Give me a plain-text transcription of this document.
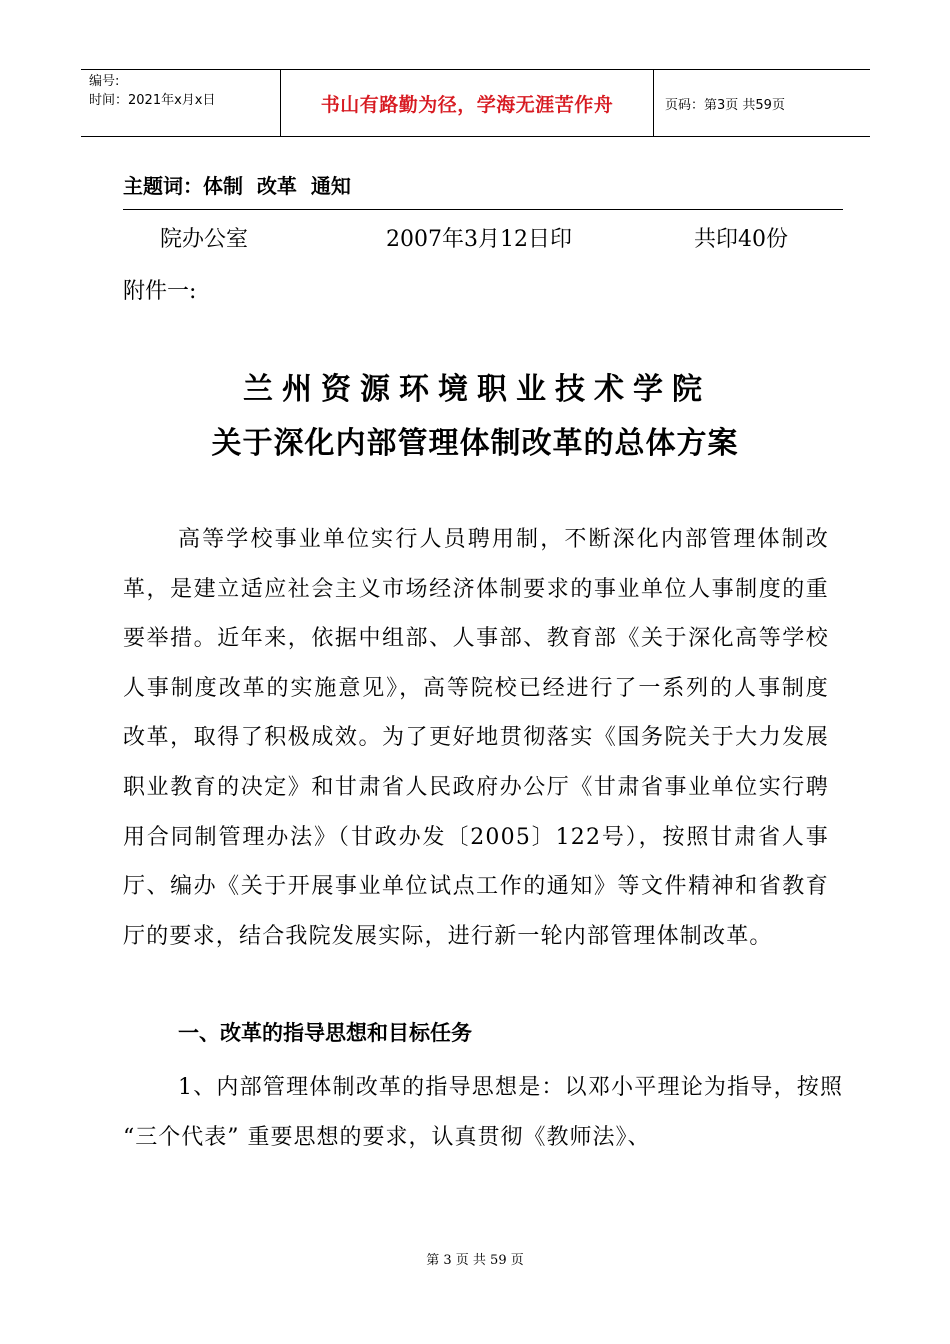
编号:
时间：2021年x月x日	书山有路勤为径，学海无涯苦作舟	页码：第3页 共59页
主题词：体制  改革  通知
院办公室	2007年3月12日印	共印40份
附件一:
兰州资源环境职业技术学院
关于深化内部管理体制改革的总体方案
高等学校事业单位实行人员聘用制，不断深化内部管理体制改革，是建立适应社会主义市场经济体制要求的事业单位人事制度的重要举措。近年来，依据中组部、人事部、教育部《关于深化高等学校人事制度改革的实施意见》，高等院校已经进行了一系列的人事制度改革，取得了积极成效。为了更好地贯彻落实《国务院关于大力发展职业教育的决定》和甘肃省人民政府办公厅《甘肃省事业单位实行聘用合同制管理办法》（甘政办发〔2005〕122号），按照甘肃省人事厅、编办《关于开展事业单位试点工作的通知》等文件精神和省教育厅的要求，结合我院发展实际，进行新一轮内部管理体制改革。
一、改革的指导思想和目标任务
1、内部管理体制改革的指导思想是：以邓小平理论为指导，按照 “三个代表” 重要思想的要求，认真贯彻《教师法》、
第 3 页 共 59 页
